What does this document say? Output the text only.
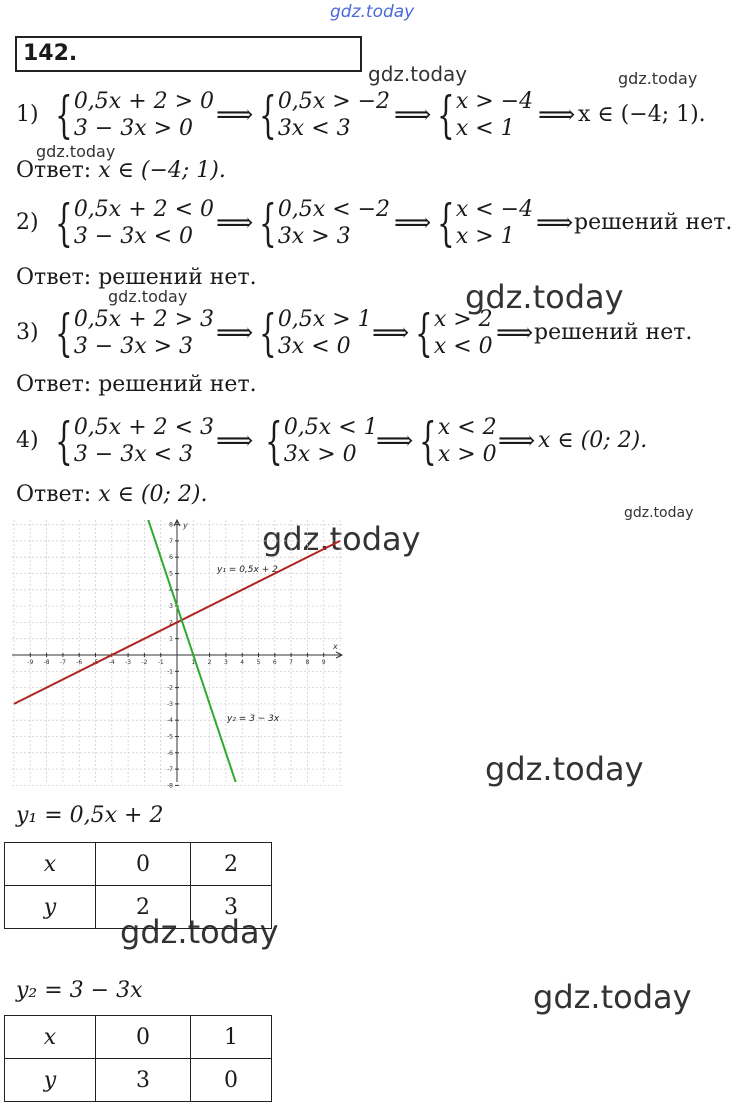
gdz.today
gdz.today	gdz.today
gdz.today
gdz.today
gdz.today
gdz.today
gdz.today
gdz.today
gdz.today
gdz.today
142.
1) { 0,5x + 2 > 0
3 − 3x > 0 ⟹ { 0,5x > −2
3x < 3	⟹ { x > −4
x < 1 ⟹ x ∈ (−4; 1).
Ответ: x ∈ (−4; 1).
2) { 0,5x + 2 < 0
3 − 3x < 0 ⟹ { 0,5x < −2
3x > 3	⟹ { x < −4
x > 1 ⟹ решений нет.
Ответ: решений нет.
3) { 0,5x + 2 > 3
3 − 3x > 3 ⟹ { 0,5x > 1
3x < 0 ⟹ { x > 2
x < 0 ⟹ решений нет.
Ответ: решений нет.
4) { 0,5x + 2 < 3
3 − 3x < 3 ⟹ { 0,5x < 1
3x > 0 ⟹ { x < 2
x > 0 ⟹ x ∈ (0; 2).
Ответ: x ∈ (0; 2).
-9 -8 -7 -6 -5 -4 -3 -2 -1	1 2 3 4 5 6 7 8 9
-8
-7
-6
-5
-4
-3
-2
-1
1
2
3
4
5
6
7
8
x
y
y₁ = 0,5x + 2
y₂ = 3 − 3x
y₁ = 0,5x + 2
x	0	2
y	2	3
y₂ = 3 − 3x
x	0	1
y	3	0
